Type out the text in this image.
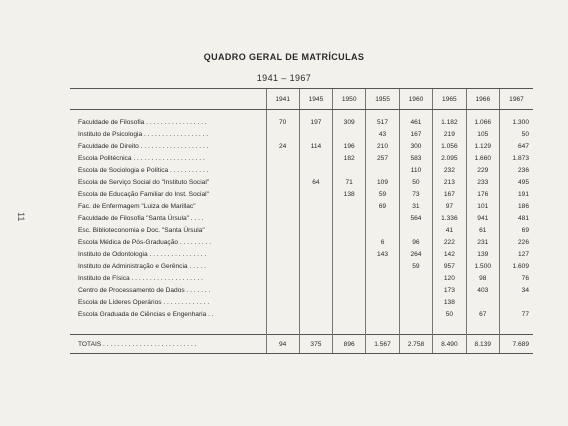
11
QUADRO GERAL DE MATRÍCULAS
1941 – 1967
	1941	1945	1950	1955	1960	1965	1966	1967
Faculdade de Filosofia . . . . . . . . . . . . . . . . .	70	197	309	517	461	1.182	1.066	1.300
Instituto de Psicologia . . . . . . . . . . . . . . . . . .				43	167	219	105	50
Faculdade de Direito . . . . . . . . . . . . . . . . . . .	24	114	196	210	300	1.056	1.129	647
Escola Politécnica . . . . . . . . . . . . . . . . . . . .			182	257	583	2.095	1.660	1.873
Escola de Sociologia e Política . . . . . . . . . . .					110	232	229	236
Escola de Serviço Social do "Instituto Social"		64	71	109	50	213	233	495
Escola de Educação Familiar do Inst. Social"			138	59	73	167	176	191
Fac. de Enfermagem "Luiza de Marillac"				69	31	97	101	186
Faculdade de Filosofia "Santa Úrsula" . . . .					564	1.336	941	481
Esc. Biblioteconomia e Doc. "Santa Úrsula"						41	61	69
Escola Médica de Pós-Graduação . . . . . . . . .				6	96	222	231	226
Instituto de Odontologia . . . . . . . . . . . . . . . .				143	264	142	139	127
Instituto de Administração e Gerência . . . . .					59	957	1.500	1.609
Instituto de Física . . . . . . . . . . . . . . . . . . . .						120	98	76
Centro de Processamento de Dados . . . . . . .						173	403	34
Escola de Líderes Operários . . . . . . . . . . . . .						138		
Escola Graduada de Ciências e Engenharia . .						50	67	77
TOTAIS . . . . . . . . . . . . . . . . . . . . . . . . . .	94	375	896	1.567	2.758	8.490	8.139	7.689
